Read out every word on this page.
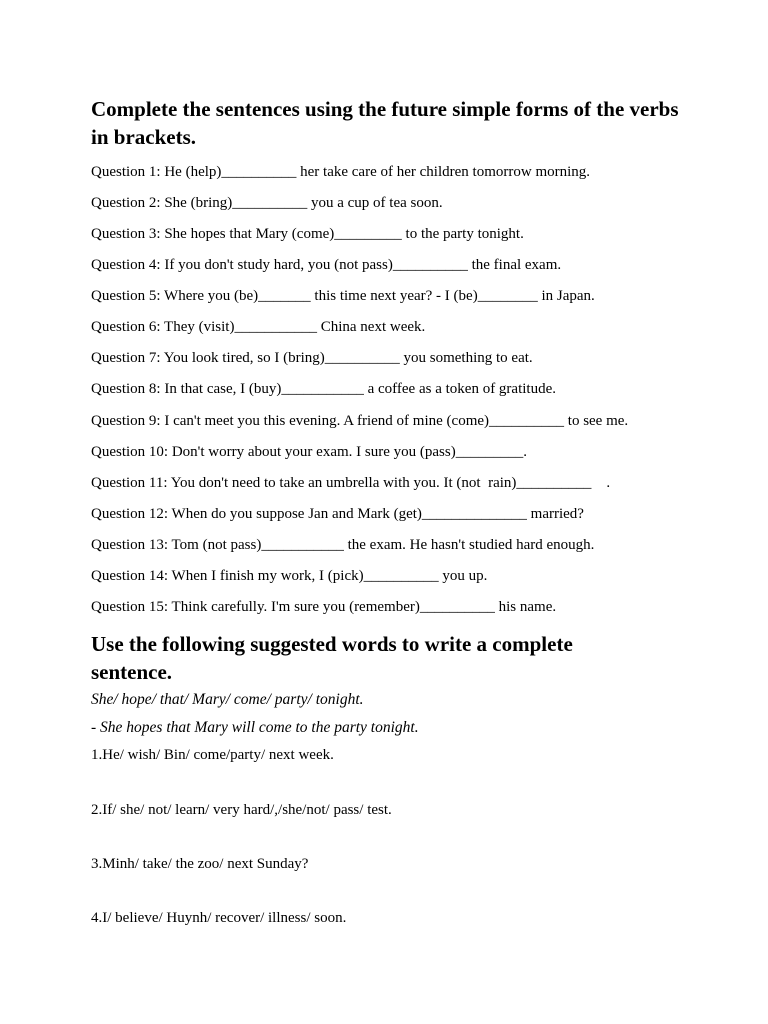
Complete the sentences using the future simple forms of the verbs in brackets.
Question 1: He (help)__________ her take care of her children tomorrow morning.
Question 2: She (bring)__________ you a cup of tea soon.
Question 3: She hopes that Mary (come)_________ to the party tonight.
Question 4: If you don't study hard, you (not pass)__________ the final exam.
Question 5: Where you (be)_______ this time next year? - I (be)________ in Japan.
Question 6: They (visit)___________ China next week.
Question 7: You look tired, so I (bring)__________ you something to eat.
Question 8: In that case, I (buy)___________ a coffee as a token of gratitude.
Question 9: I can't meet you this evening. A friend of mine (come)__________ to see me.
Question 10: Don't worry about your exam. I sure you (pass)_________.
Question 11: You don't need to take an umbrella with you. It (not  rain)__________    .
Question 12: When do you suppose Jan and Mark (get)______________ married?
Question 13: Tom (not pass)___________ the exam. He hasn't studied hard enough.
Question 14: When I finish my work, I (pick)__________ you up.
Question 15: Think carefully. I'm sure you (remember)__________ his name.
Use the following suggested words to write a complete sentence.
She/ hope/ that/ Mary/ come/ party/ tonight.
- She hopes that Mary will come to the party tonight.
1.He/ wish/ Bin/ come/party/ next week.
2.If/ she/ not/ learn/ very hard/,/she/not/ pass/ test.
3.Minh/ take/ the zoo/ next Sunday?
4.I/ believe/ Huynh/ recover/ illness/ soon.
